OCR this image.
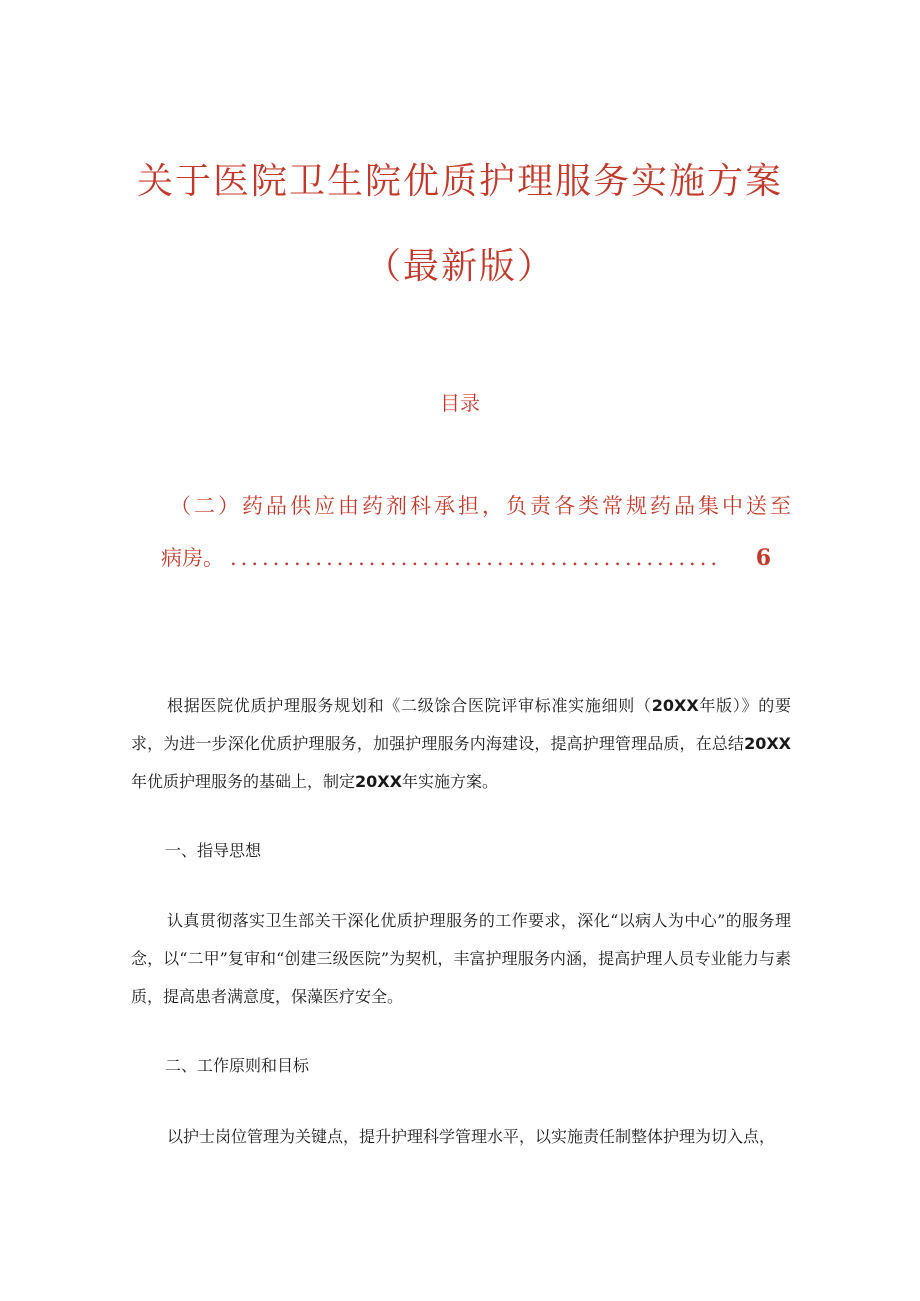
关于医院卫生院优质护理服务实施方案
（最新版）
目录
（二）药品供应由药剂科承担，负责各类常规药品集中送至
病房。 ..............................................	6

根据医院优质护理服务规划和《二级馀合医院评审标准实施细则（20XX年版）》的要求，为进一步深化优质护理服务，加强护理服务内海建设，提高护理管理品质，在总结20XX年优质护理服务的基础上，制定20XX年实施方案。

一、指导思想

认真贯彻落实卫生部关干深化优质护理服务的工作要求，深化“以病人为中心”的服务理念，以“二甲”复审和“创建三级医院”为契机，丰富护理服务内涵，提高护理人员专业能力与素质，提高患者满意度，保藻医疗安全。

二、工作原则和目标

以护士岗位管理为关键点，提升护理科学管理水平，以实施责任制整体护理为切入点，
